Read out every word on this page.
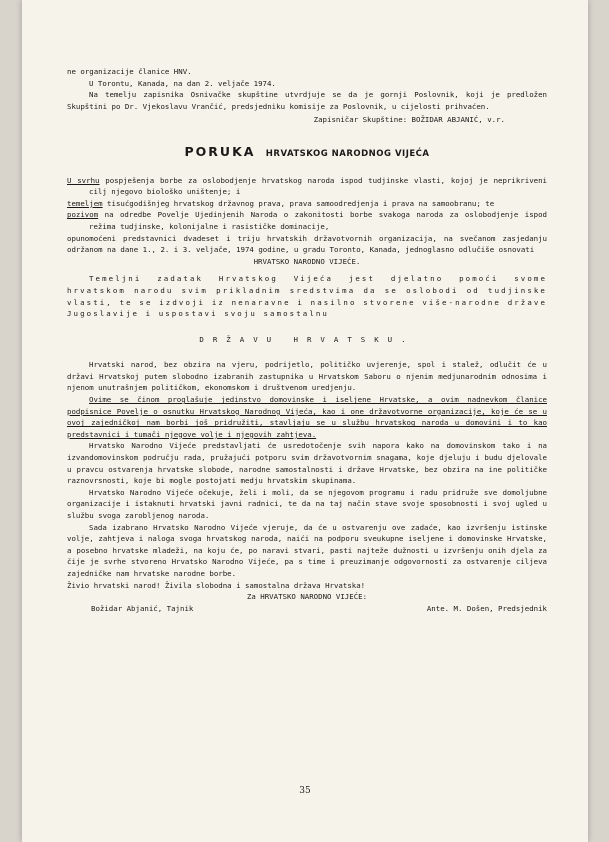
ne organizacije članice HNV.

U Torontu, Kanada, na dan 2. veljače 1974.

Na temelju zapisnika Osnivačke skupštine utvrdjuje se da je gornji Poslovnik, koji je predložen Skupštini po Dr. Vjekoslavu Vrančić, predsjedniku komisije za Poslovnik, u cijelosti prihvaćen.

Zapisničar Skupštine: BOŽIDAR ABJANIĆ, v.r.

PORUKA HRVATSKOG NARODNOG VIJEĆA

U svrhu pospješenja borbe za oslobodjenje hrvatskog naroda ispod tudjinske vlasti, kojoj je neprikriveni cilj njegovo biološko uništenje; i

temeljem tisućgodišnjeg hrvatskog državnog prava, prava samoodredjenja i prava na samoobranu; te

pozivom na odredbe Povelje Ujedinjenih Naroda o zakonitosti borbe svakoga naroda za oslobodjenje ispod režima tudjinske, kolonijalne i rasističke dominacije,

opunomoćeni predstavnici dvadeset i triju hrvatskih državotvornih organizacija, na svečanom zasjedanju održanom na dane 1., 2. i 3. veljače, 1974 godine, u gradu Toronto, Kanada, jednoglasno odlučiše osnovati

HRVATSKO NARODNO VIJEĆE.

Temeljni zadatak Hrvatskog Vijeća jest djelatno pomoći svome hrvatskom narodu svim prikladnim sredstvima da se oslobodi od tudjinske vlasti, te se izdvoji iz nenaravne i nasilno stvorene više-narodne države Jugoslavije i uspostavi svoju samostalnu

DRŽAVU HRVATSKU.

Hrvatski narod, bez obzira na vjeru, podrijetlo, političko uvjerenje, spol i stalež, odlučit će u državi Hrvatskoj putem slobodno izabranih zastupnika u Hrvatskom Saboru o njenim medjunarodnim odnosima i njenom unutrašnjem političkom, ekonomskom i društvenom uredjenju.

Ovime se činom proglašuje jedinstvo domovinske i iseljene Hrvatske, a ovim nadnevkom članice podpisnice Povelje o osnutku Hrvatskog Narodnog Vijeća, kao i one državotvorne organizacije, koje će se u ovoj zajedničkoj nam borbi još pridružiti, stavljaju se u službu hrvatskog naroda u domovini i to kao predstavnici i tumači njegove volje i njegovih zahtjeva.

Hrvatsko Narodno Vijeće predstavljati će usredotočenje svih napora kako na domovinskom tako i na izvandomovinskom području rada, pružajući potporu svim državotvornim snagama, koje djeluju i budu djelovale u pravcu ostvarenja hrvatske slobode, narodne samostalnosti i države Hrvatske, bez obzira na ine političke raznovrsnosti, koje bi mogle postojati medju hrvatskim skupinama.

Hrvatsko Narodno Vijeće očekuje, želi i moli, da se njegovom programu i radu pridruže sve domoljubne organizacije i istaknuti hrvatski javni radnici, te da na taj način stave svoje sposobnosti i svoj ugled u službu svoga zarobljenog naroda.

Sada izabrano Hrvatsko Narodno Vijeće vjeruje, da će u ostvarenju ove zadaće, kao izvršenju istinske volje, zahtjeva i naloga svoga hrvatskog naroda, naići na podporu sveukupne iseljene i domovinske Hrvatske, a posebno hrvatske mladeži, na koju će, po naravi stvari, pasti najteže dužnosti u izvršenju onih djela za čije je svrhe stvoreno Hrvatsko Narodno Vijeće, pa s time i preuzimanje odgovornosti za ostvarenje ciljeva zajedničke nam hrvatske narodne borbe.

Živio hrvatski narod! Živila slobodna i samostalna država Hrvatska!

Za HRVATSKO NARODNO VIJEĆE:

Božidar Abjanić, Tajnik	Ante. M. Došen, Predsjednik
35
